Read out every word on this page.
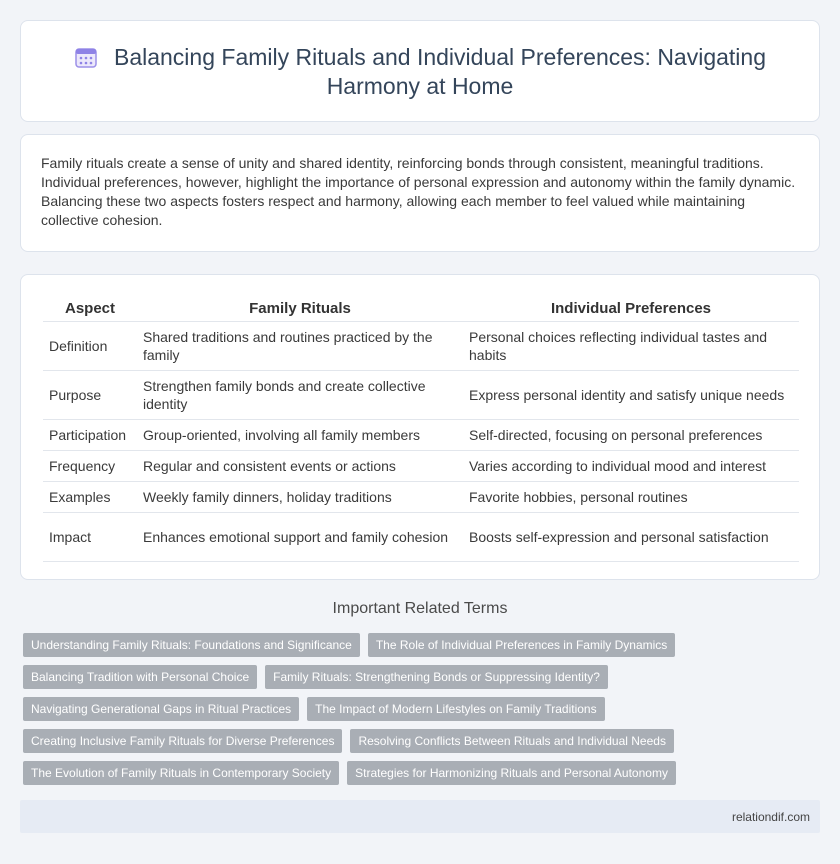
Balancing Family Rituals and Individual Preferences: Navigating Harmony at Home

Family rituals create a sense of unity and shared identity, reinforcing bonds through consistent, meaningful traditions. Individual preferences, however, highlight the importance of personal expression and autonomy within the family dynamic. Balancing these two aspects fosters respect and harmony, allowing each member to feel valued while maintaining collective cohesion.

Aspect	Family Rituals	Individual Preferences
Definition	Shared traditions and routines practiced by the family	Personal choices reflecting individual tastes and habits
Purpose	Strengthen family bonds and create collective identity	Express personal identity and satisfy unique needs
Participation	Group-oriented, involving all family members	Self-directed, focusing on personal preferences
Frequency	Regular and consistent events or actions	Varies according to individual mood and interest
Examples	Weekly family dinners, holiday traditions	Favorite hobbies, personal routines
Impact	Enhances emotional support and family cohesion	Boosts self-expression and personal satisfaction
Important Related Terms
Understanding Family Rituals: Foundations and Significance	The Role of Individual Preferences in Family Dynamics
Balancing Tradition with Personal Choice	Family Rituals: Strengthening Bonds or Suppressing Identity?
Navigating Generational Gaps in Ritual Practices	The Impact of Modern Lifestyles on Family Traditions
Creating Inclusive Family Rituals for Diverse Preferences	Resolving Conflicts Between Rituals and Individual Needs
The Evolution of Family Rituals in Contemporary Society	Strategies for Harmonizing Rituals and Personal Autonomy
relationdif.com
